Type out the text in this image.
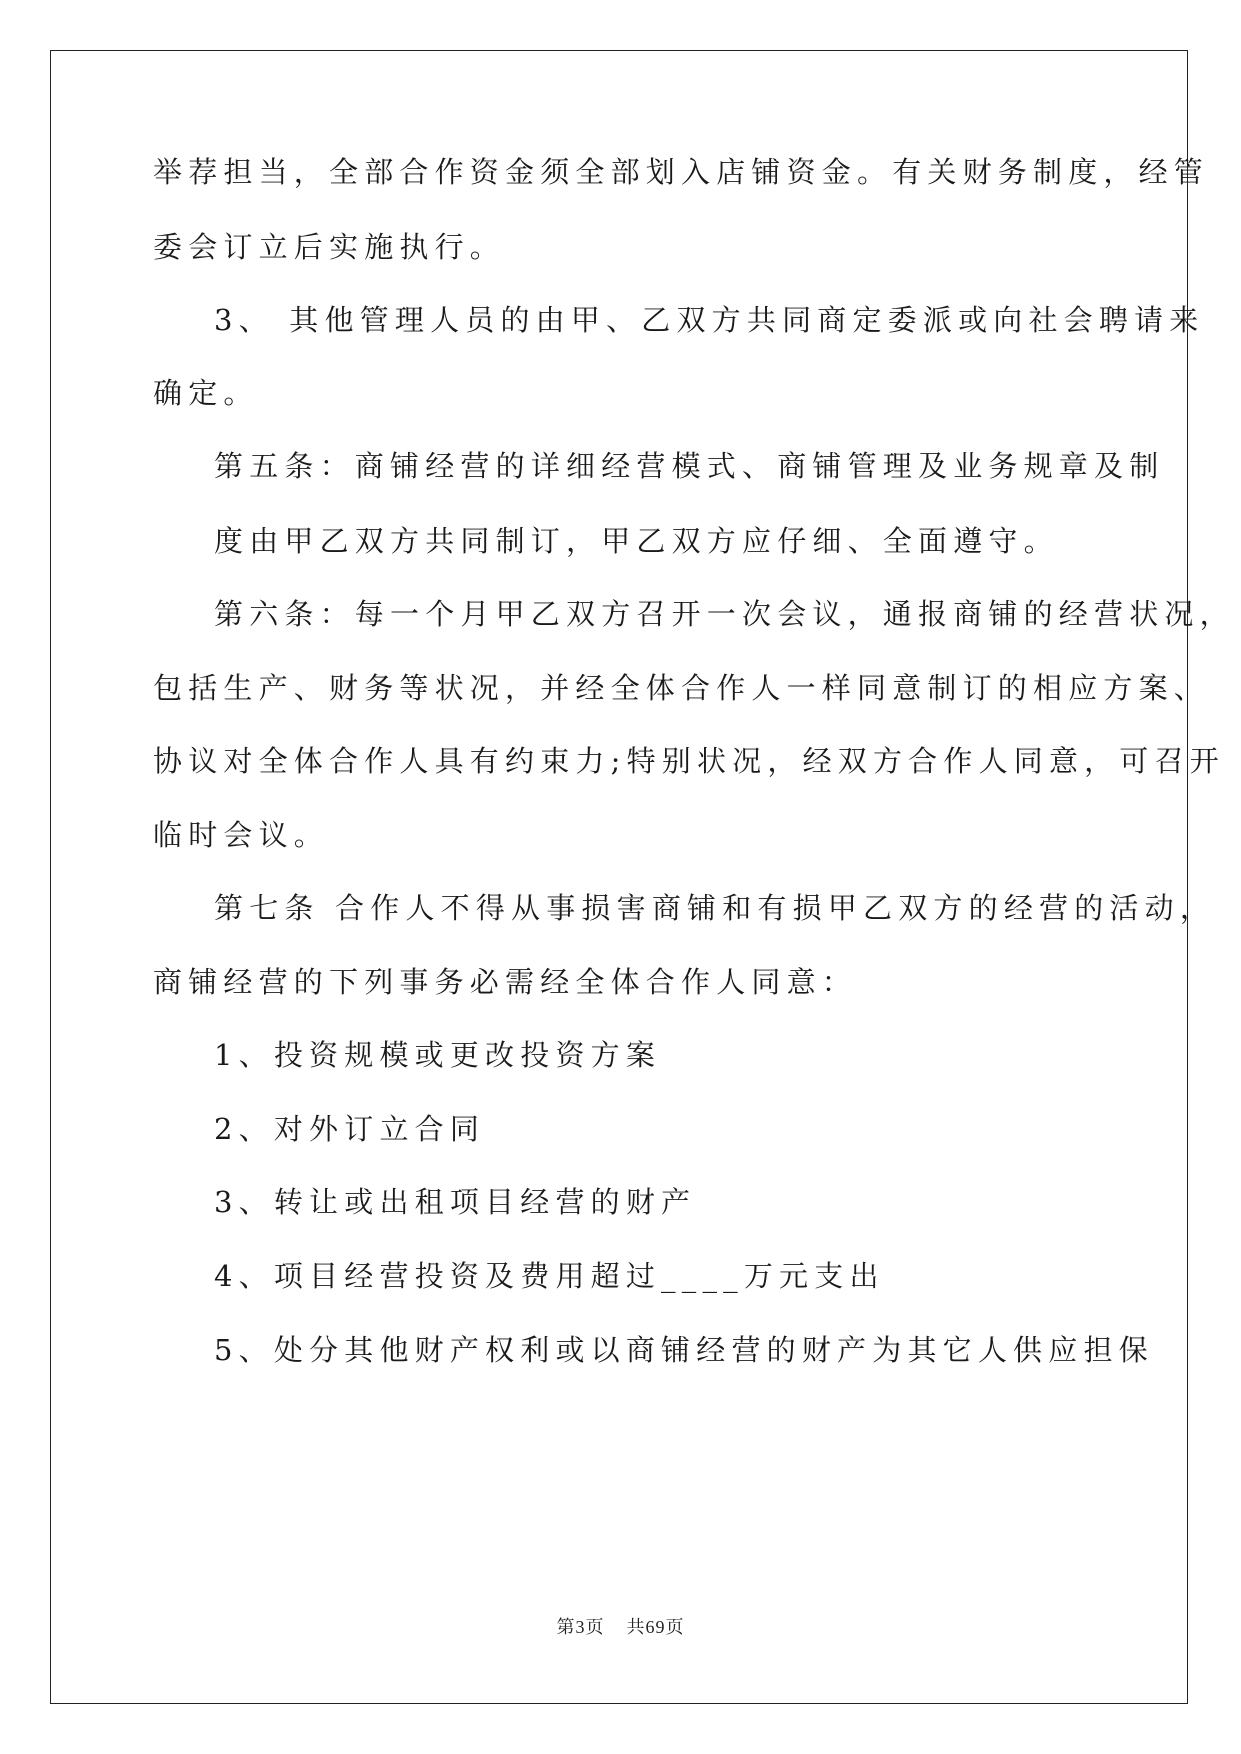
举荐担当，全部合作资金须全部划入店铺资金。有关财务制度，经管
委会订立后实施执行。
3、 其他管理人员的由甲、乙双方共同商定委派或向社会聘请来
确定。
第五条：商铺经营的详细经营模式、商铺管理及业务规章及制
度由甲乙双方共同制订，甲乙双方应仔细、全面遵守。
第六条：每一个月甲乙双方召开一次会议，通报商铺的经营状况，
包括生产、财务等状况，并经全体合作人一样同意制订的相应方案、
协议对全体合作人具有约束力;特别状况，经双方合作人同意，可召开
临时会议。
第七条 合作人不得从事损害商铺和有损甲乙双方的经营的活动，
商铺经营的下列事务必需经全体合作人同意：
1、投资规模或更改投资方案
2、对外订立合同
3、转让或出租项目经营的财产
4、项目经营投资及费用超过____万元支出
5、处分其他财产权利或以商铺经营的财产为其它人供应担保
第3页 共69页
